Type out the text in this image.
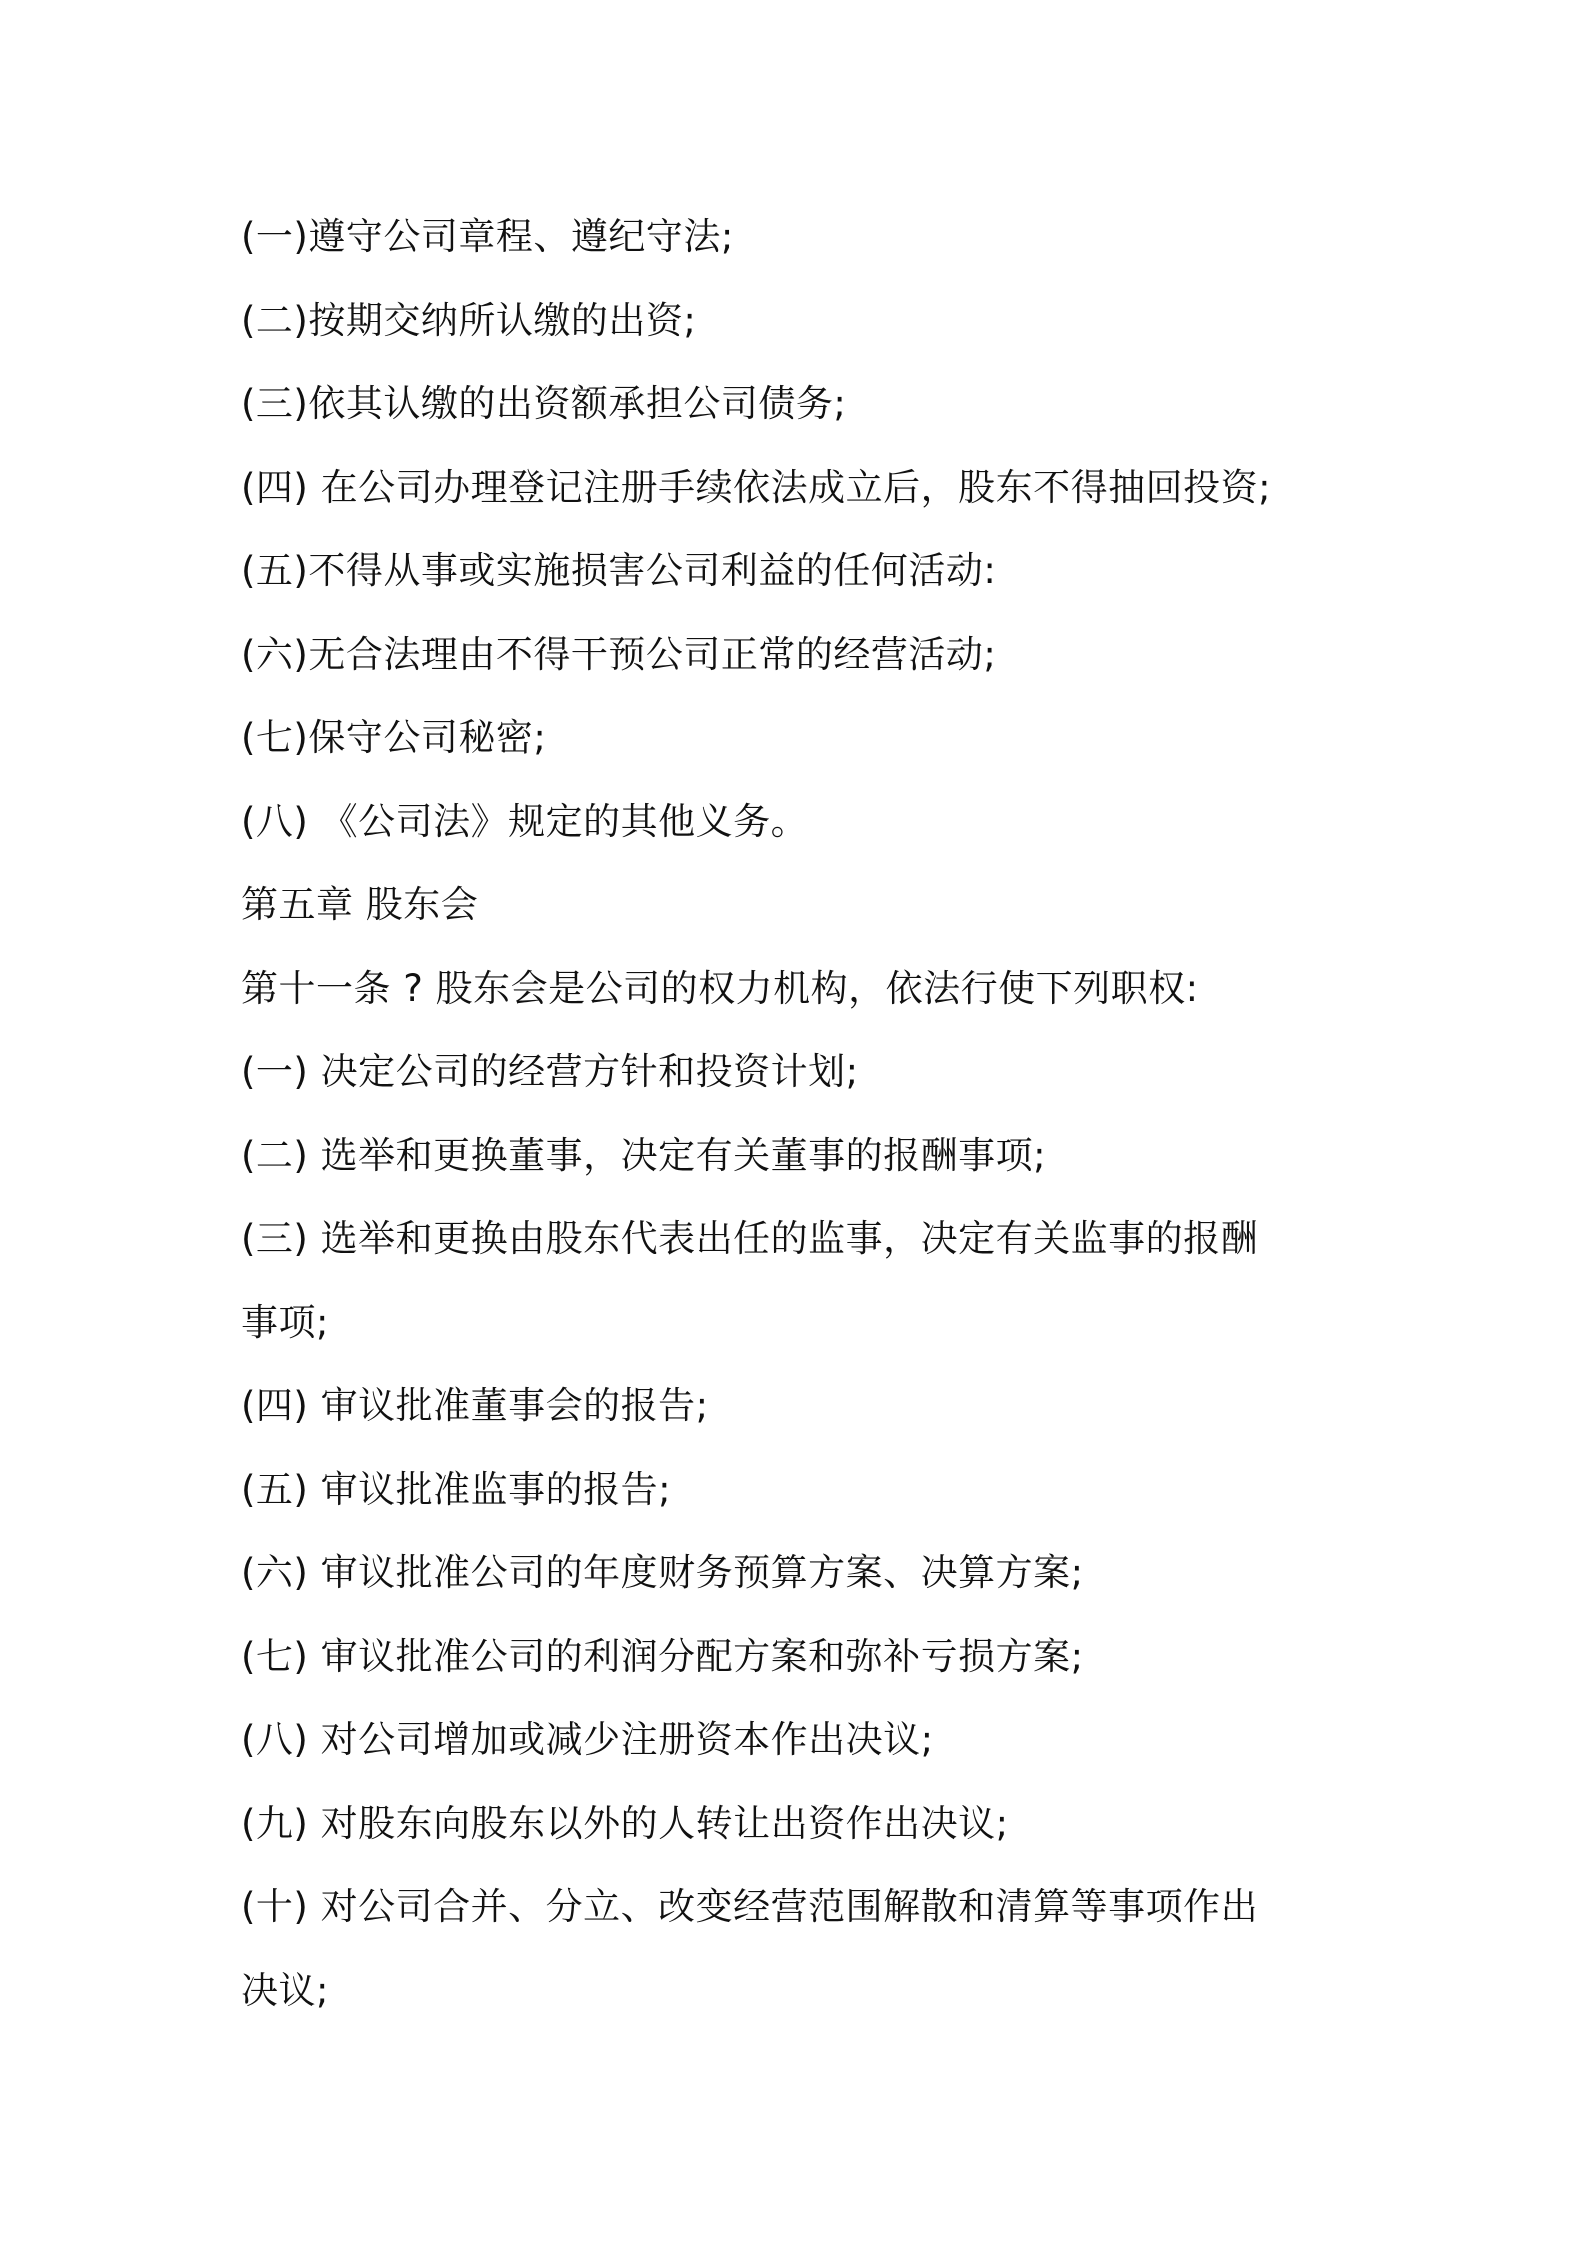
(一)遵守公司章程、遵纪守法;
(二)按期交纳所认缴的出资;
(三)依其认缴的出资额承担公司债务;
(四) 在公司办理登记注册手续依法成立后，股东不得抽回投资;
(五)不得从事或实施损害公司利益的任何活动:
(六)无合法理由不得干预公司正常的经营活动;
(七)保守公司秘密;
(八) 《公司法》规定的其他义务。
第五章 股东会
第十一条 ? 股东会是公司的权力机构，依法行使下列职权:
(一) 决定公司的经营方针和投资计划;
(二) 选举和更换董事，决定有关董事的报酬事项;
(三) 选举和更换由股东代表出任的监事，决定有关监事的报酬
事项;
(四) 审议批准董事会的报告;
(五) 审议批准监事的报告;
(六) 审议批准公司的年度财务预算方案、决算方案;
(七) 审议批准公司的利润分配方案和弥补亏损方案;
(八) 对公司增加或减少注册资本作出决议;
(九) 对股东向股东以外的人转让出资作出决议;
(十) 对公司合并、分立、改变经营范围解散和清算等事项作出
决议;
